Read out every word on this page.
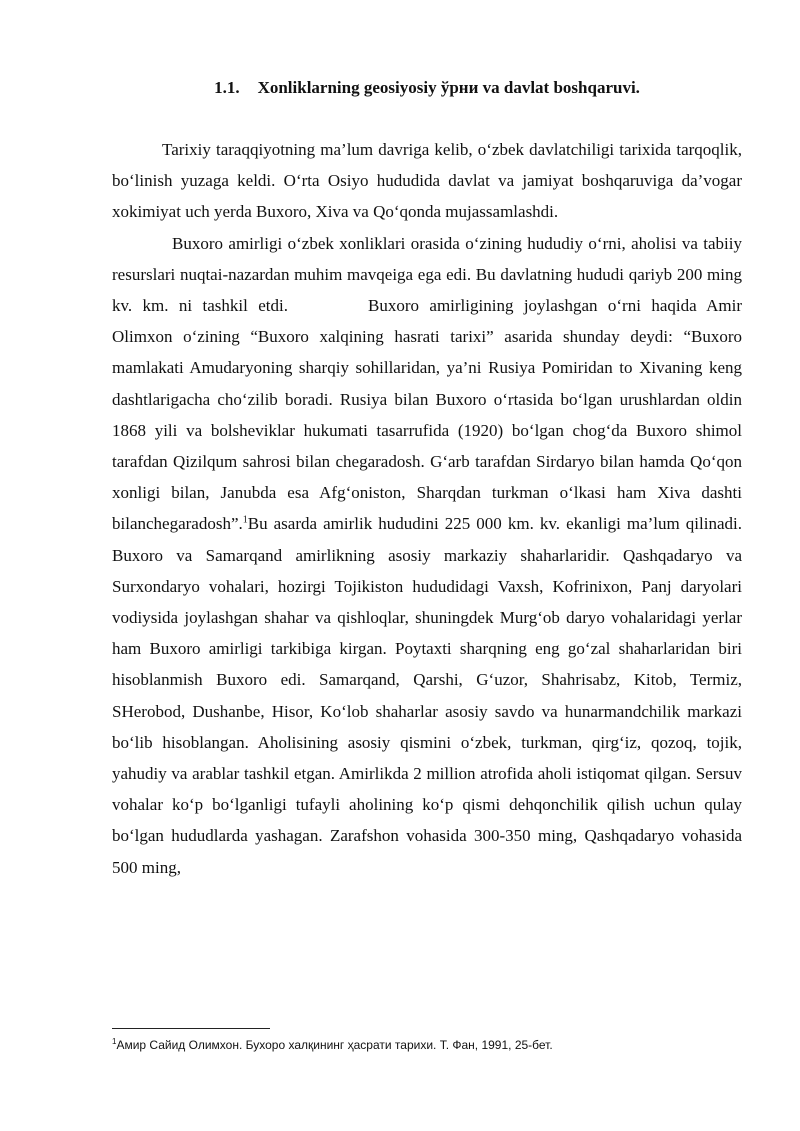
1.1. Xonliklarning geosiyosiy ўрни va davlat boshqaruvi.

Tarixiy taraqqiyotning ma’lum davriga kelib, o‘zbek davlatchiligi tarixida tarqoqlik, bo‘linish yuzaga keldi. O‘rta Osiyo hududida davlat va jamiyat boshqaruviga da’vogar xokimiyat uch yerda Buxoro, Xiva va Qo‘qonda mujassamlashdi.

Buxoro amirligi o‘zbek xonliklari orasida o‘zining hududiy o‘rni, aholisi va tabiiy resurslari nuqtai-nazardan muhim mavqeiga ega edi. Bu davlatning hududi qariyb 200 ming kv. km. ni tashkil etdi.	Buxoro amirligining joylashgan o‘rni haqida Amir Olimxon o‘zining “Buxoro xalqining hasrati tarixi” asarida shunday deydi: “Buxoro mamlakati Amudaryoning sharqiy sohillaridan, ya’ni Rusiya Pomiridan to Xivaning keng dashtlarigacha cho‘zilib boradi. Rusiya bilan Buxoro o‘rtasida bo‘lgan urushlardan oldin 1868 yili va bolsheviklar hukumati tasarrufida (1920) bo‘lgan chog‘da Buxoro shimol tarafdan Qizilqum sahrosi bilan chegaradosh. G‘arb tarafdan Sirdaryo bilan hamda Qo‘qon xonligi bilan, Janubda esa Afg‘oniston, Sharqdan turkman o‘lkasi ham Xiva dashti bilanchegaradosh”.$^1$Bu asarda amirlik hududini 225 000 km. kv. ekanligi ma’lum qilinadi. Buxoro va Samarqand amirlikning asosiy markaziy shaharlaridir. Qashqadaryo va Surxondaryo vohalari, hozirgi Tojikiston hududidagi Vaxsh, Kofrinixon, Panj daryolari vodiysida joylashgan shahar va qishloqlar, shuningdek Murg‘ob daryo vohalaridagi yerlar ham Buxoro amirligi tarkibiga kirgan. Poytaxti sharqning eng go‘zal shaharlaridan biri hisoblanmish Buxoro edi. Samarqand, Qarshi, G‘uzor, Shahrisabz, Kitob, Termiz, SHerobod, Dushanbe, Hisor, Ko‘lob shaharlar asosiy savdo va hunarmandchilik markazi bo‘lib hisoblangan. Aholisining asosiy qismini o‘zbek, turkman, qirg‘iz, qozoq, tojik, yahudiy va arablar tashkil etgan. Amirlikda 2 million atrofida aholi istiqomat qilgan. Sersuv vohalar ko‘p bo‘lganligi tufayli aholining ko‘p qismi dehqonchilik qilish uchun qulay bo‘lgan hududlarda yashagan. Zarafshon vohasida 300-350 ming, Qashqadaryo vohasida 500 ming,

$^1$Амир Сайид Олимхон. Бухоро халқининг ҳасрати тарихи. Т. Фан, 1991, 25-бет.
